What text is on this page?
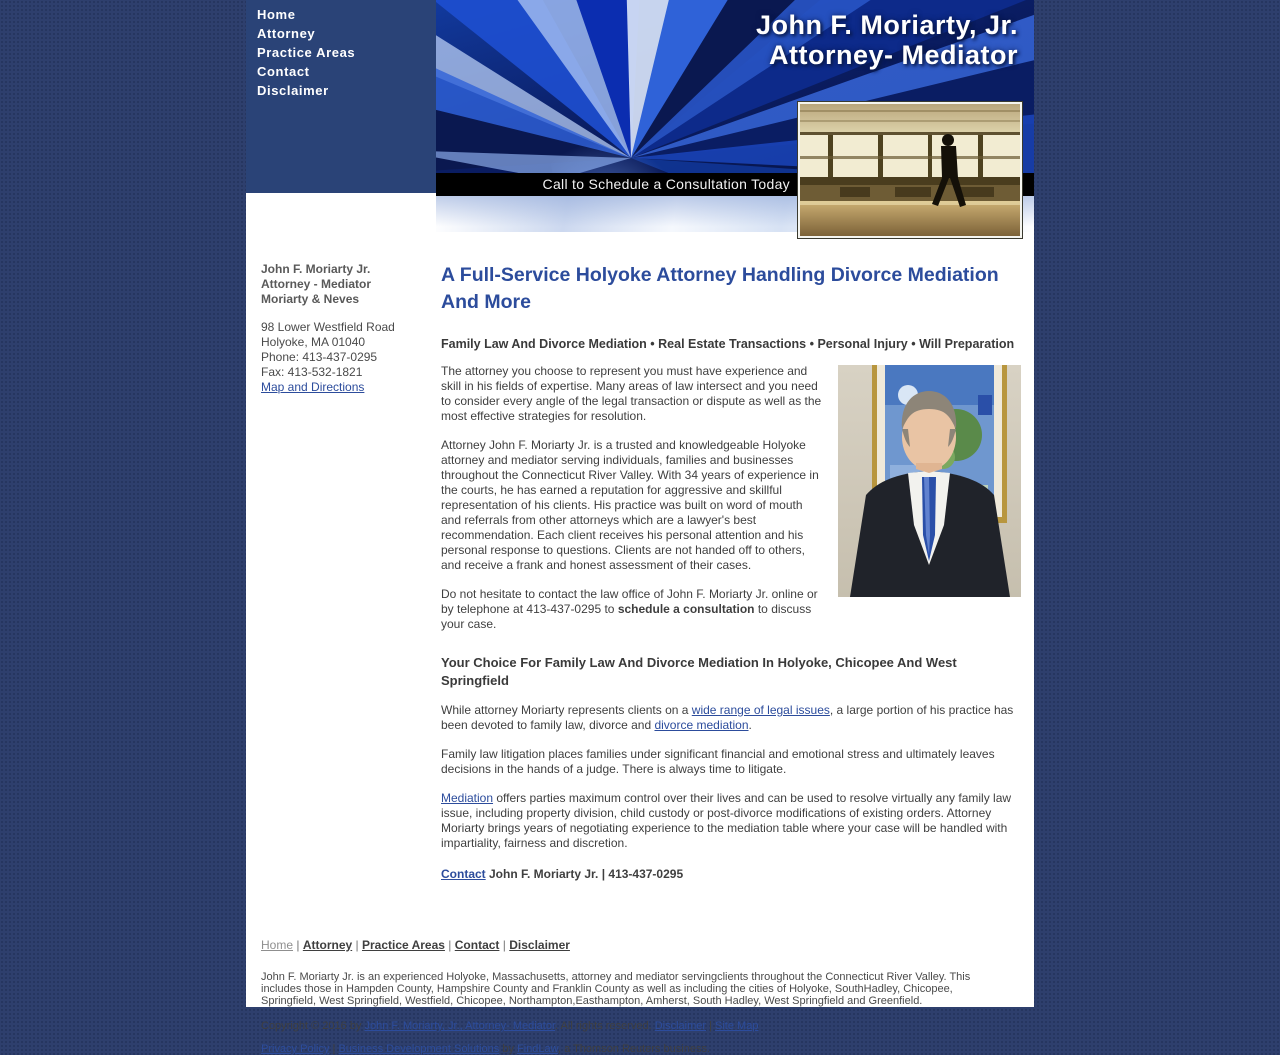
Home
Attorney
Practice Areas
Contact
Disclaimer
John F. Moriarty, Jr.
Attorney- Mediator
Call to Schedule a Consultation Today
John F. Moriarty Jr.
Attorney - Mediator
Moriarty & Neves
98 Lower Westfield Road
Holyoke, MA 01040
Phone: 413-437-0295
Fax: 413-532-1821
Map and Directions
A Full-Service Holyoke Attorney Handling Divorce Mediation And More
Family Law And Divorce Mediation • Real Estate Transactions • Personal Injury • Will Preparation

The attorney you choose to represent you must have experience and skill in his fields of expertise. Many areas of law intersect and you need to consider every angle of the legal transaction or dispute as well as the most effective strategies for resolution.

Attorney John F. Moriarty Jr. is a trusted and knowledgeable Holyoke attorney and mediator serving individuals, families and businesses throughout the Connecticut River Valley. With 34 years of experience in the courts, he has earned a reputation for aggressive and skillful representation of his clients. His practice was built on word of mouth and referrals from other attorneys which are a lawyer's best recommendation. Each client receives his personal attention and his personal response to questions. Clients are not handed off to others, and receive a frank and honest assessment of their cases.

Do not hesitate to contact the law office of John F. Moriarty Jr. online or by telephone at 413-437-0295 to schedule a consultation to discuss your case.

Your Choice For Family Law And Divorce Mediation In Holyoke, Chicopee And West Springfield

While attorney Moriarty represents clients on a wide range of legal issues, a large portion of his practice has been devoted to family law, divorce and divorce mediation.

Family law litigation places families under significant financial and emotional stress and ultimately leaves decisions in the hands of a judge. There is always time to litigate.

Mediation offers parties maximum control over their lives and can be used to resolve virtually any family law issue, including property division, child custody or post-divorce modifications of existing orders. Attorney Moriarty brings years of negotiating experience to the mediation table where your case will be handled with impartiality, fairness and discretion.

Contact John F. Moriarty Jr. | 413-437-0295
Home | Attorney | Practice Areas | Contact | Disclaimer
John F. Moriarty Jr. is an experienced Holyoke, Massachusetts, attorney and mediator servingclients throughout the Connecticut River Valley. This includes those in Hampden County, Hampshire County and Franklin County as well as including the cities of Holyoke, SouthHadley, Chicopee, Springfield, West Springfield, Westfield, Chicopee, Northampton,Easthampton, Amherst, South Hadley, West Springfield and Greenfield.
Copyright © 2016 by John F. Moriarty, Jr., Attorney- Mediator. All rights reserved. Disclaimer | Site Map
Privacy Policy | Business Development Solutions by FindLaw, a Thomson Reuters business.
